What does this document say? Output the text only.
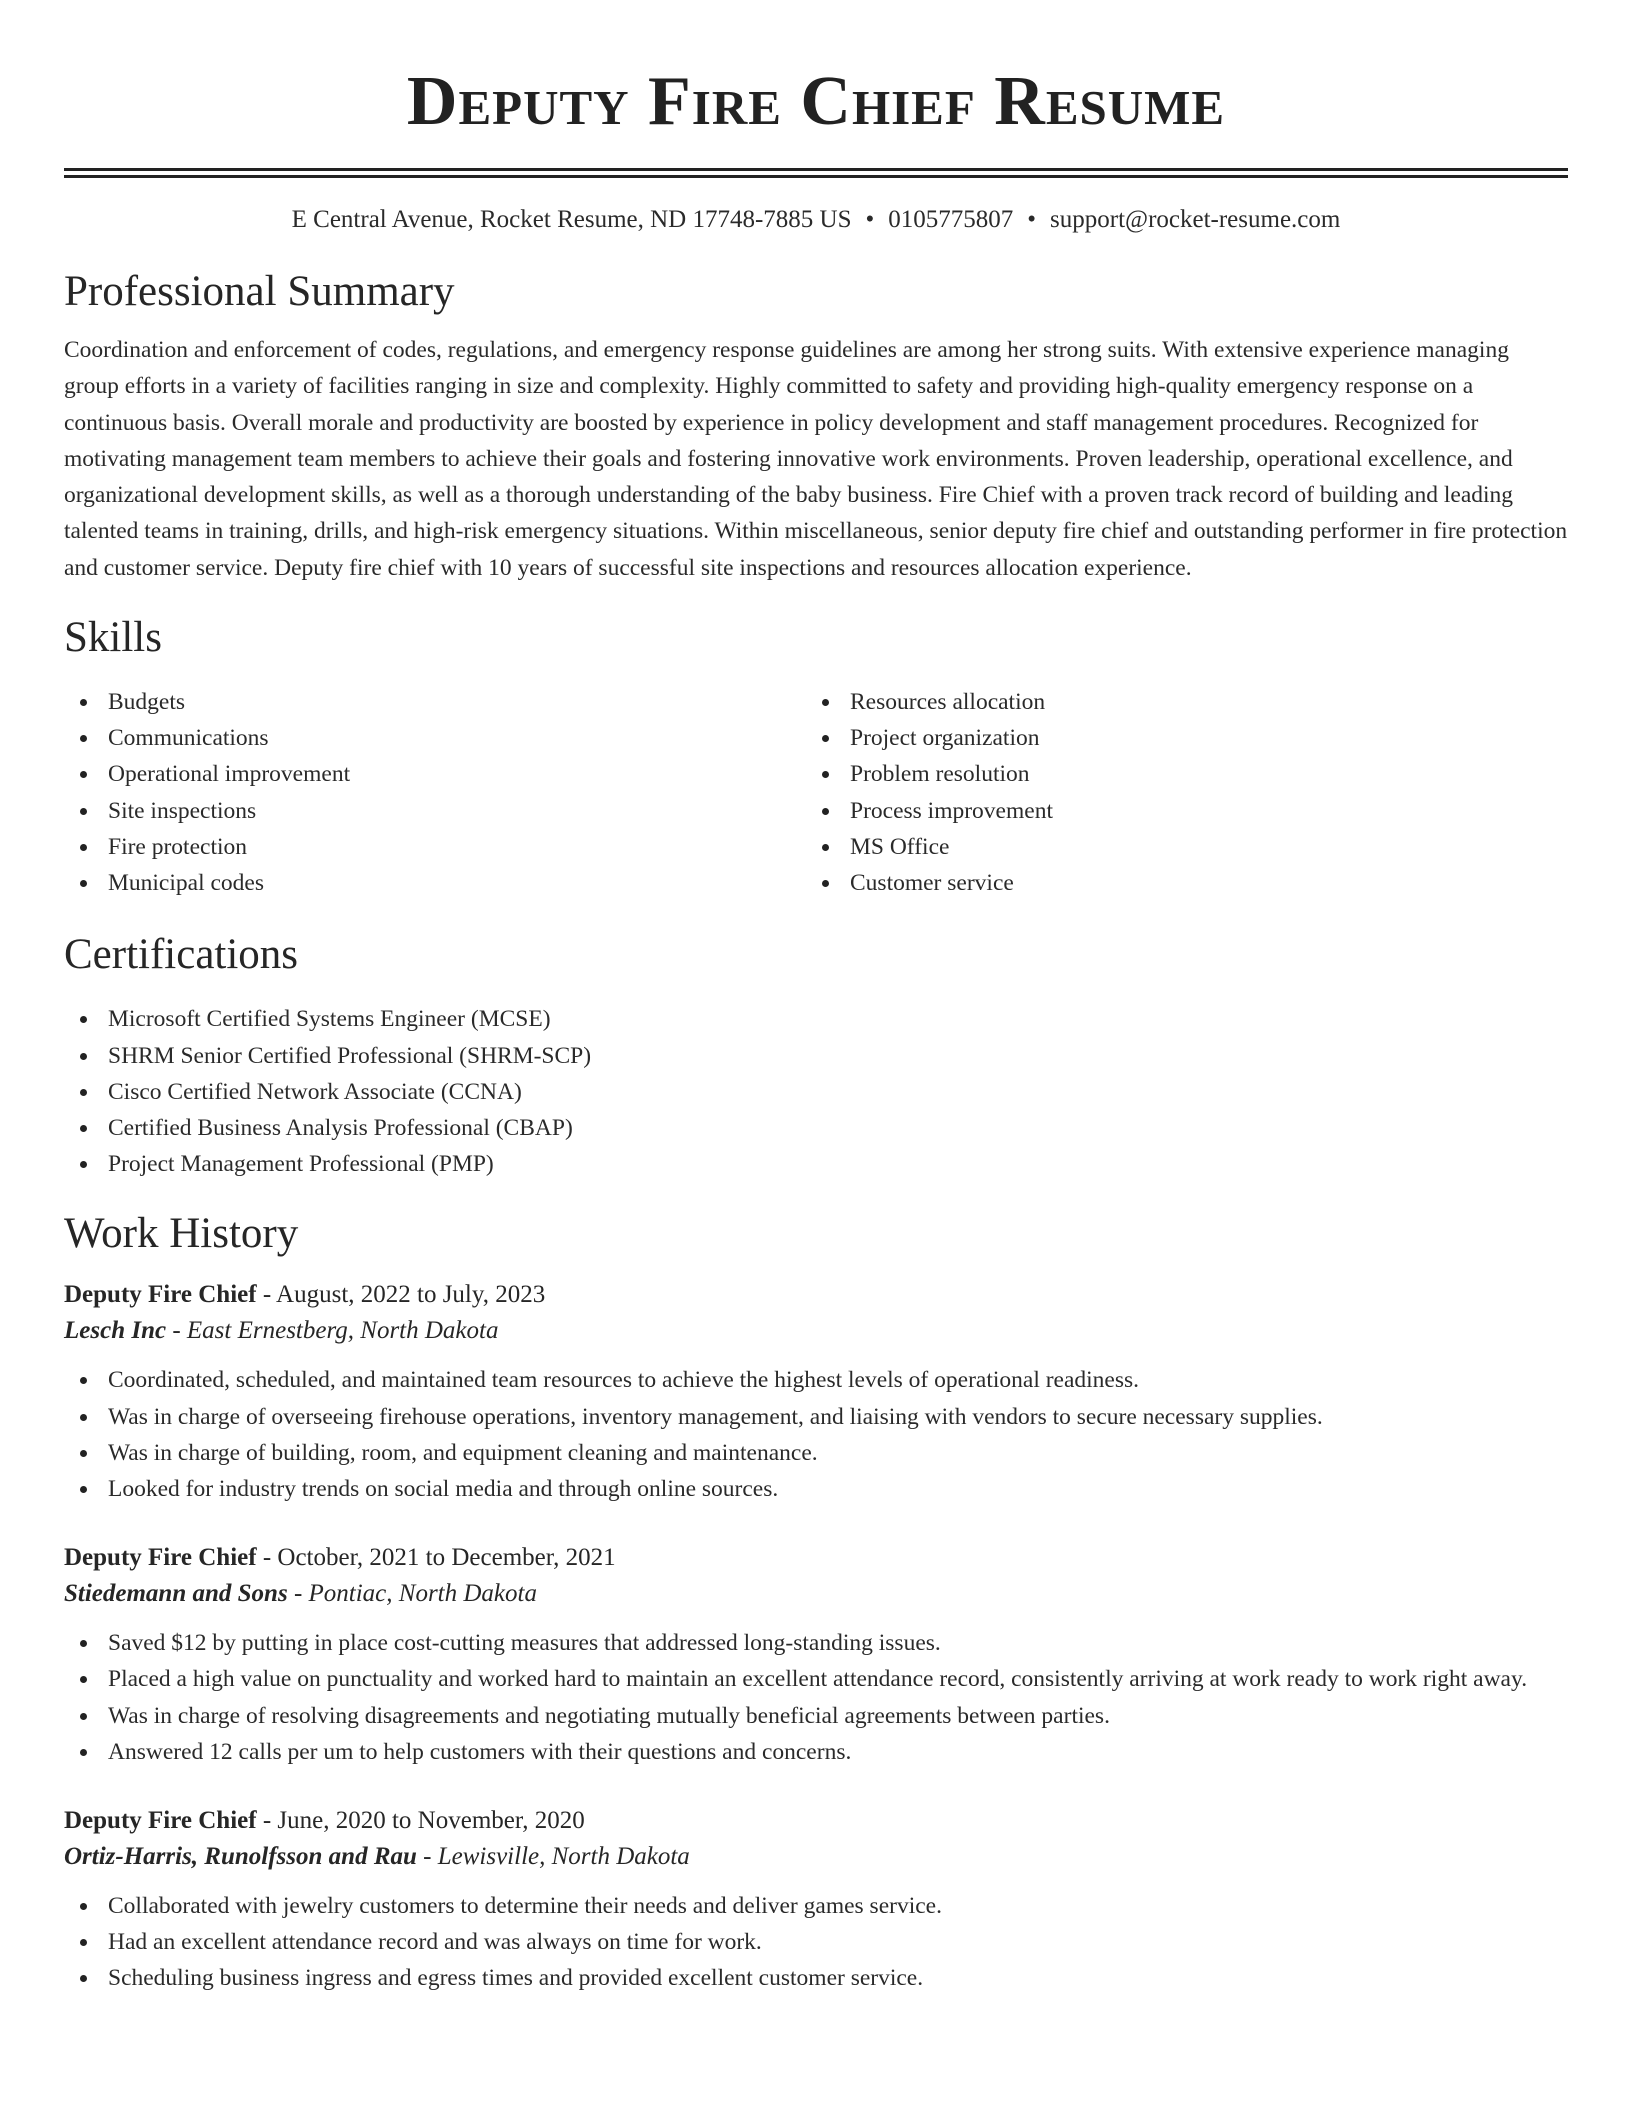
Deputy Fire Chief Resume
E Central Avenue, Rocket Resume, ND 17748-7885 US • 0105775807 • support@rocket-resume.com
Professional Summary
Coordination and enforcement of codes, regulations, and emergency response guidelines are among her strong suits. With extensive experience managing group efforts in a variety of facilities ranging in size and complexity. Highly committed to safety and providing high-quality emergency response on a continuous basis. Overall morale and productivity are boosted by experience in policy development and staff management procedures. Recognized for motivating management team members to achieve their goals and fostering innovative work environments. Proven leadership, operational excellence, and organizational development skills, as well as a thorough understanding of the baby business. Fire Chief with a proven track record of building and leading talented teams in training, drills, and high-risk emergency situations. Within miscellaneous, senior deputy fire chief and outstanding performer in fire protection and customer service. Deputy fire chief with 10 years of successful site inspections and resources allocation experience.
Skills
Budgets
Communications
Operational improvement
Site inspections
Fire protection
Municipal codes
Resources allocation
Project organization
Problem resolution
Process improvement
MS Office
Customer service
Certifications
Microsoft Certified Systems Engineer (MCSE)
SHRM Senior Certified Professional (SHRM-SCP)
Cisco Certified Network Associate (CCNA)
Certified Business Analysis Professional (CBAP)
Project Management Professional (PMP)
Work History
Deputy Fire Chief - August, 2022 to July, 2023
Lesch Inc - East Ernestberg, North Dakota
Coordinated, scheduled, and maintained team resources to achieve the highest levels of operational readiness.
Was in charge of overseeing firehouse operations, inventory management, and liaising with vendors to secure necessary supplies.
Was in charge of building, room, and equipment cleaning and maintenance.
Looked for industry trends on social media and through online sources.
Deputy Fire Chief - October, 2021 to December, 2021
Stiedemann and Sons - Pontiac, North Dakota
Saved $12 by putting in place cost-cutting measures that addressed long-standing issues.
Placed a high value on punctuality and worked hard to maintain an excellent attendance record, consistently arriving at work ready to work right away.
Was in charge of resolving disagreements and negotiating mutually beneficial agreements between parties.
Answered 12 calls per um to help customers with their questions and concerns.
Deputy Fire Chief - June, 2020 to November, 2020
Ortiz-Harris, Runolfsson and Rau - Lewisville, North Dakota
Collaborated with jewelry customers to determine their needs and deliver games service.
Had an excellent attendance record and was always on time for work.
Scheduling business ingress and egress times and provided excellent customer service.
